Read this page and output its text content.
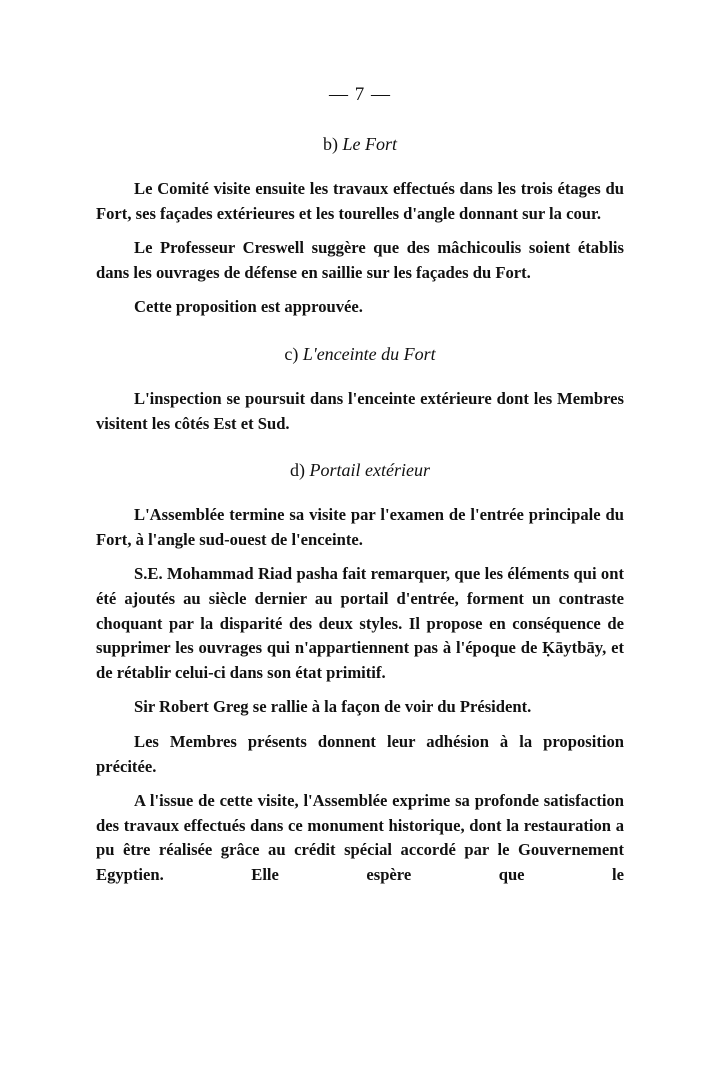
— 7 —
b) Le Fort

Le Comité visite ensuite les travaux effectués dans les trois étages du Fort, ses façades extérieures et les tourelles d'angle donnant sur la cour.

Le Professeur Creswell suggère que des mâchicoulis soient établis dans les ouvrages de défense en saillie sur les façades du Fort.

Cette proposition est approuvée.

c) L'enceinte du Fort

L'inspection se poursuit dans l'enceinte extérieure dont les Membres visitent les côtés Est et Sud.

d) Portail extérieur

L'Assemblée termine sa visite par l'examen de l'entrée principale du Fort, à l'angle sud-ouest de l'enceinte.

S.E. Mohammad Riad pasha fait remarquer, que les éléments qui ont été ajoutés au siècle dernier au portail d'entrée, forment un contraste choquant par la disparité des deux styles. Il propose en conséquence de supprimer les ouvrages qui n'appartiennent pas à l'époque de Ḳāytbāy, et de rétablir celui-ci dans son état primitif.

Sir Robert Greg se rallie à la façon de voir du Président.

Les Membres présents donnent leur adhésion à la proposition précitée.

A l'issue de cette visite, l'Assemblée exprime sa profonde satisfaction des travaux effectués dans ce monument historique, dont la restauration a pu être réalisée grâce au crédit spécial accordé par le Gouvernement Egyptien. Elle espère que le
